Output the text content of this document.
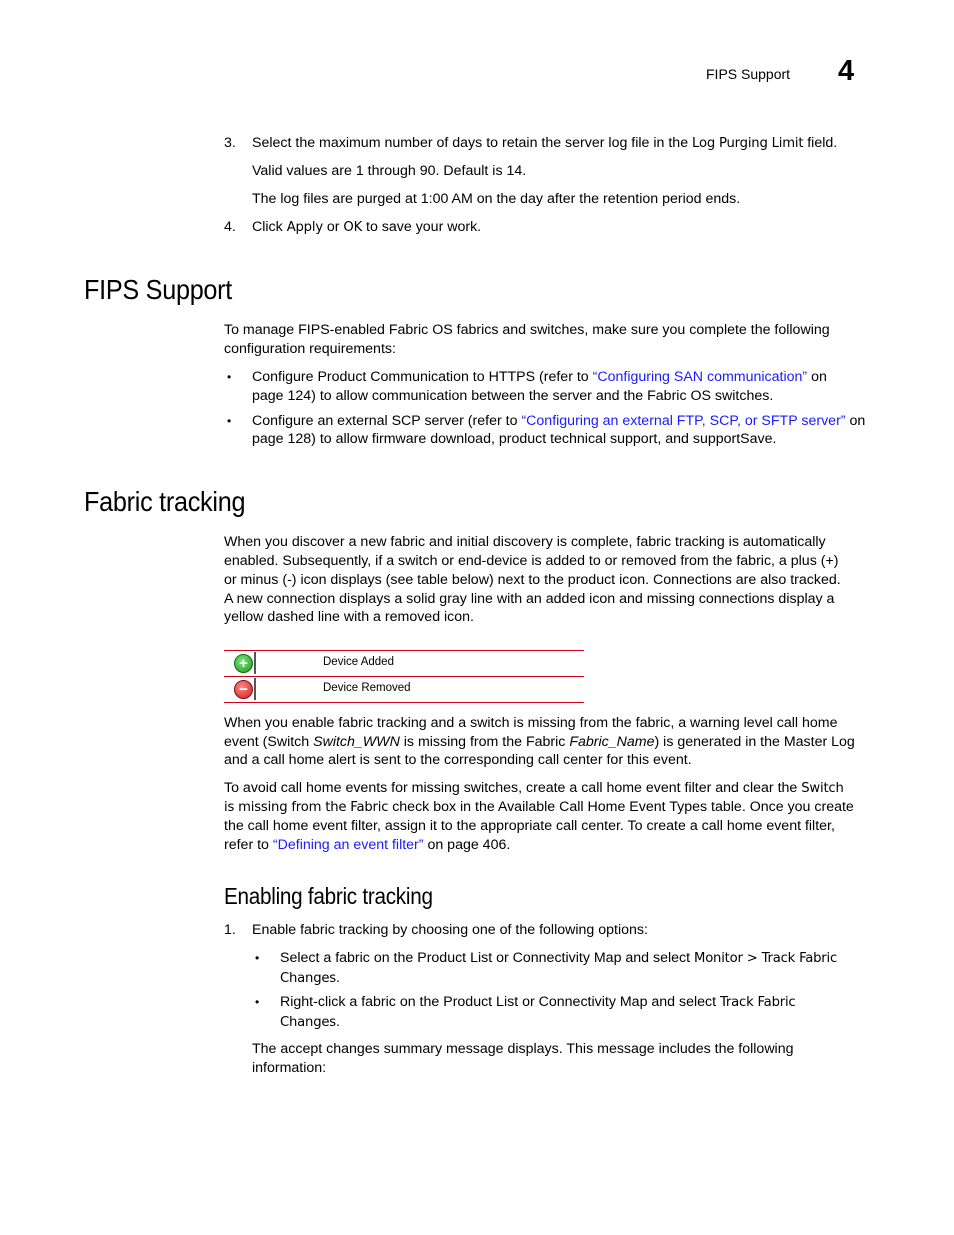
FIPS Support 4
3. Select the maximum number of days to retain the server log file in the Log Purging Limit field.
Valid values are 1 through 90. Default is 14.
The log files are purged at 1:00 AM on the day after the retention period ends.
4. Click Apply or OK to save your work.
FIPS Support
To manage FIPS-enabled Fabric OS fabrics and switches, make sure you complete the following
configuration requirements:
• Configure Product Communication to HTTPS (refer to “Configuring SAN communication” on
page 124) to allow communication between the server and the Fabric OS switches.
• Configure an external SCP server (refer to “Configuring an external FTP, SCP, or SFTP server” on
page 128) to allow firmware download, product technical support, and supportSave.
Fabric tracking
When you discover a new fabric and initial discovery is complete, fabric tracking is automatically
enabled. Subsequently, if a switch or end-device is added to or removed from the fabric, a plus (+)
or minus (-) icon displays (see table below) next to the product icon. Connections are also tracked.
A new connection displays a solid gray line with an added icon and missing connections display a
yellow dashed line with a removed icon.
+	Device Added
−	Device Removed
When you enable fabric tracking and a switch is missing from the fabric, a warning level call home
event (Switch Switch_WWN is missing from the Fabric Fabric_Name) is generated in the Master Log
and a call home alert is sent to the corresponding call center for this event.
To avoid call home events for missing switches, create a call home event filter and clear the Switch
is missing from the Fabric check box in the Available Call Home Event Types table. Once you create
the call home event filter, assign it to the appropriate call center. To create a call home event filter,
refer to “Defining an event filter” on page 406.
Enabling fabric tracking
1. Enable fabric tracking by choosing one of the following options:
• Select a fabric on the Product List or Connectivity Map and select Monitor > Track Fabric
Changes.
• Right-click a fabric on the Product List or Connectivity Map and select Track Fabric
Changes.
The accept changes summary message displays. This message includes the following
information:
